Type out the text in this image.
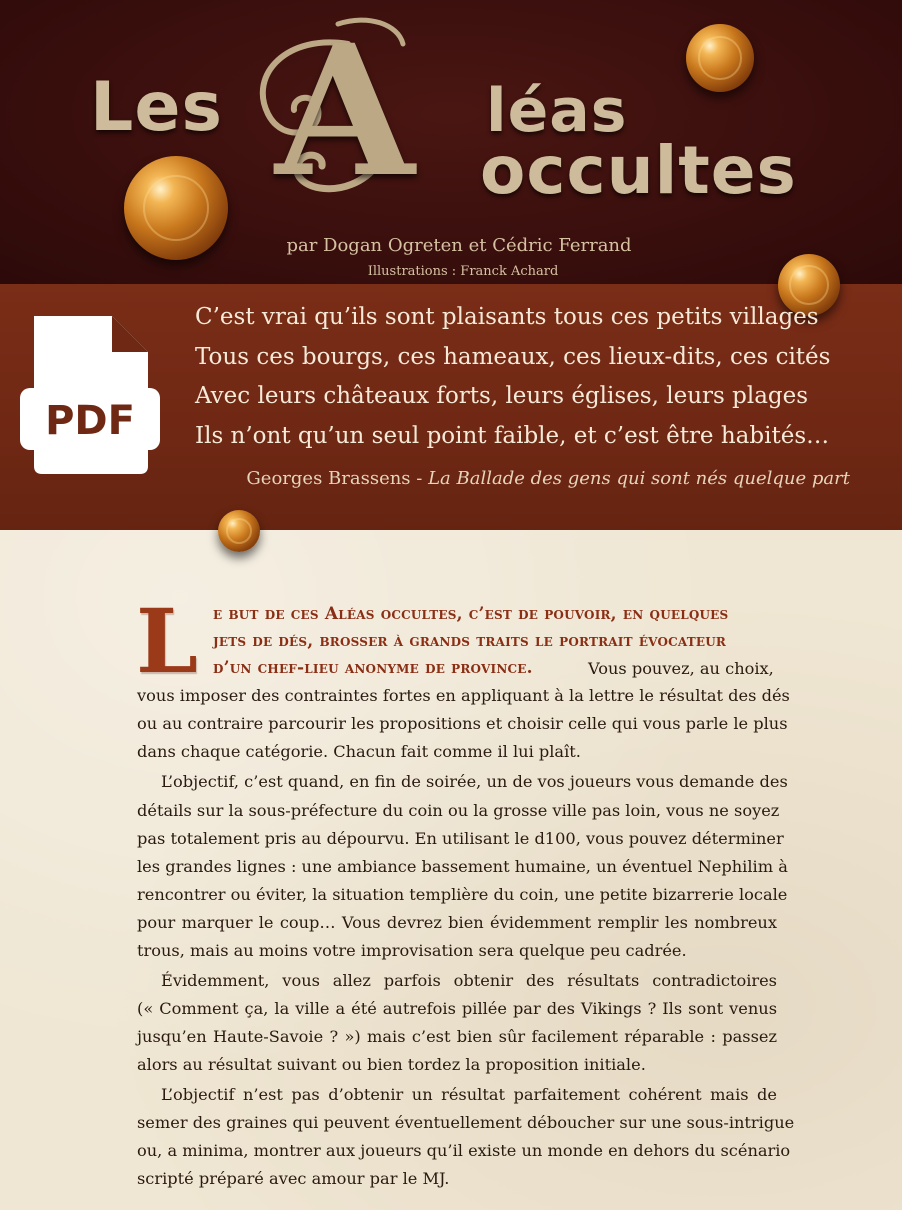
A
Les	léas
occultes
par Dogan Ogreten et Cédric Ferrand
Illustrations : Franck Achard
PDF
C’est vrai qu’ils sont plaisants tous ces petits villages
Tous ces bourgs, ces hameaux, ces lieux-dits, ces cités
Avec leurs châteaux forts, leurs églises, leurs plages
Ils n’ont qu’un seul point faible, et c’est être habités…
Georges Brassens - La Ballade des gens qui sont nés quelque part
L e but de ces Aléas occultes, c’est de pouvoir, en quelques
jets de dés, brosser à grands traits le portrait évocateur
d’un chef-lieu anonyme de province.	Vous pouvez, au choix,
vous imposer des contraintes fortes en appliquant à la lettre le résultat des dés
ou au contraire parcourir les propositions et choisir celle qui vous parle le plus
dans chaque catégorie. Chacun fait comme il lui plaît.
L’objectif, c’est quand, en fin de soirée, un de vos joueurs vous demande des
détails sur la sous-préfecture du coin ou la grosse ville pas loin, vous ne soyez
pas totalement pris au dépourvu. En utilisant le d100, vous pouvez déterminer
les grandes lignes : une ambiance bassement humaine, un éventuel Nephilim à
rencontrer ou éviter, la situation templière du coin, une petite bizarrerie locale
pour marquer le coup… Vous devrez bien évidemment remplir les nombreux
trous, mais au moins votre improvisation sera quelque peu cadrée.
Évidemment, vous allez parfois obtenir des résultats contradictoires
(« Comment ça, la ville a été autrefois pillée par des Vikings ? Ils sont venus
jusqu’en Haute-Savoie ? ») mais c’est bien sûr facilement réparable : passez
alors au résultat suivant ou bien tordez la proposition initiale.
L’objectif n’est pas d’obtenir un résultat parfaitement cohérent mais de
semer des graines qui peuvent éventuellement déboucher sur une sous-intrigue
ou, a minima, montrer aux joueurs qu’il existe un monde en dehors du scénario
scripté préparé avec amour par le MJ.
